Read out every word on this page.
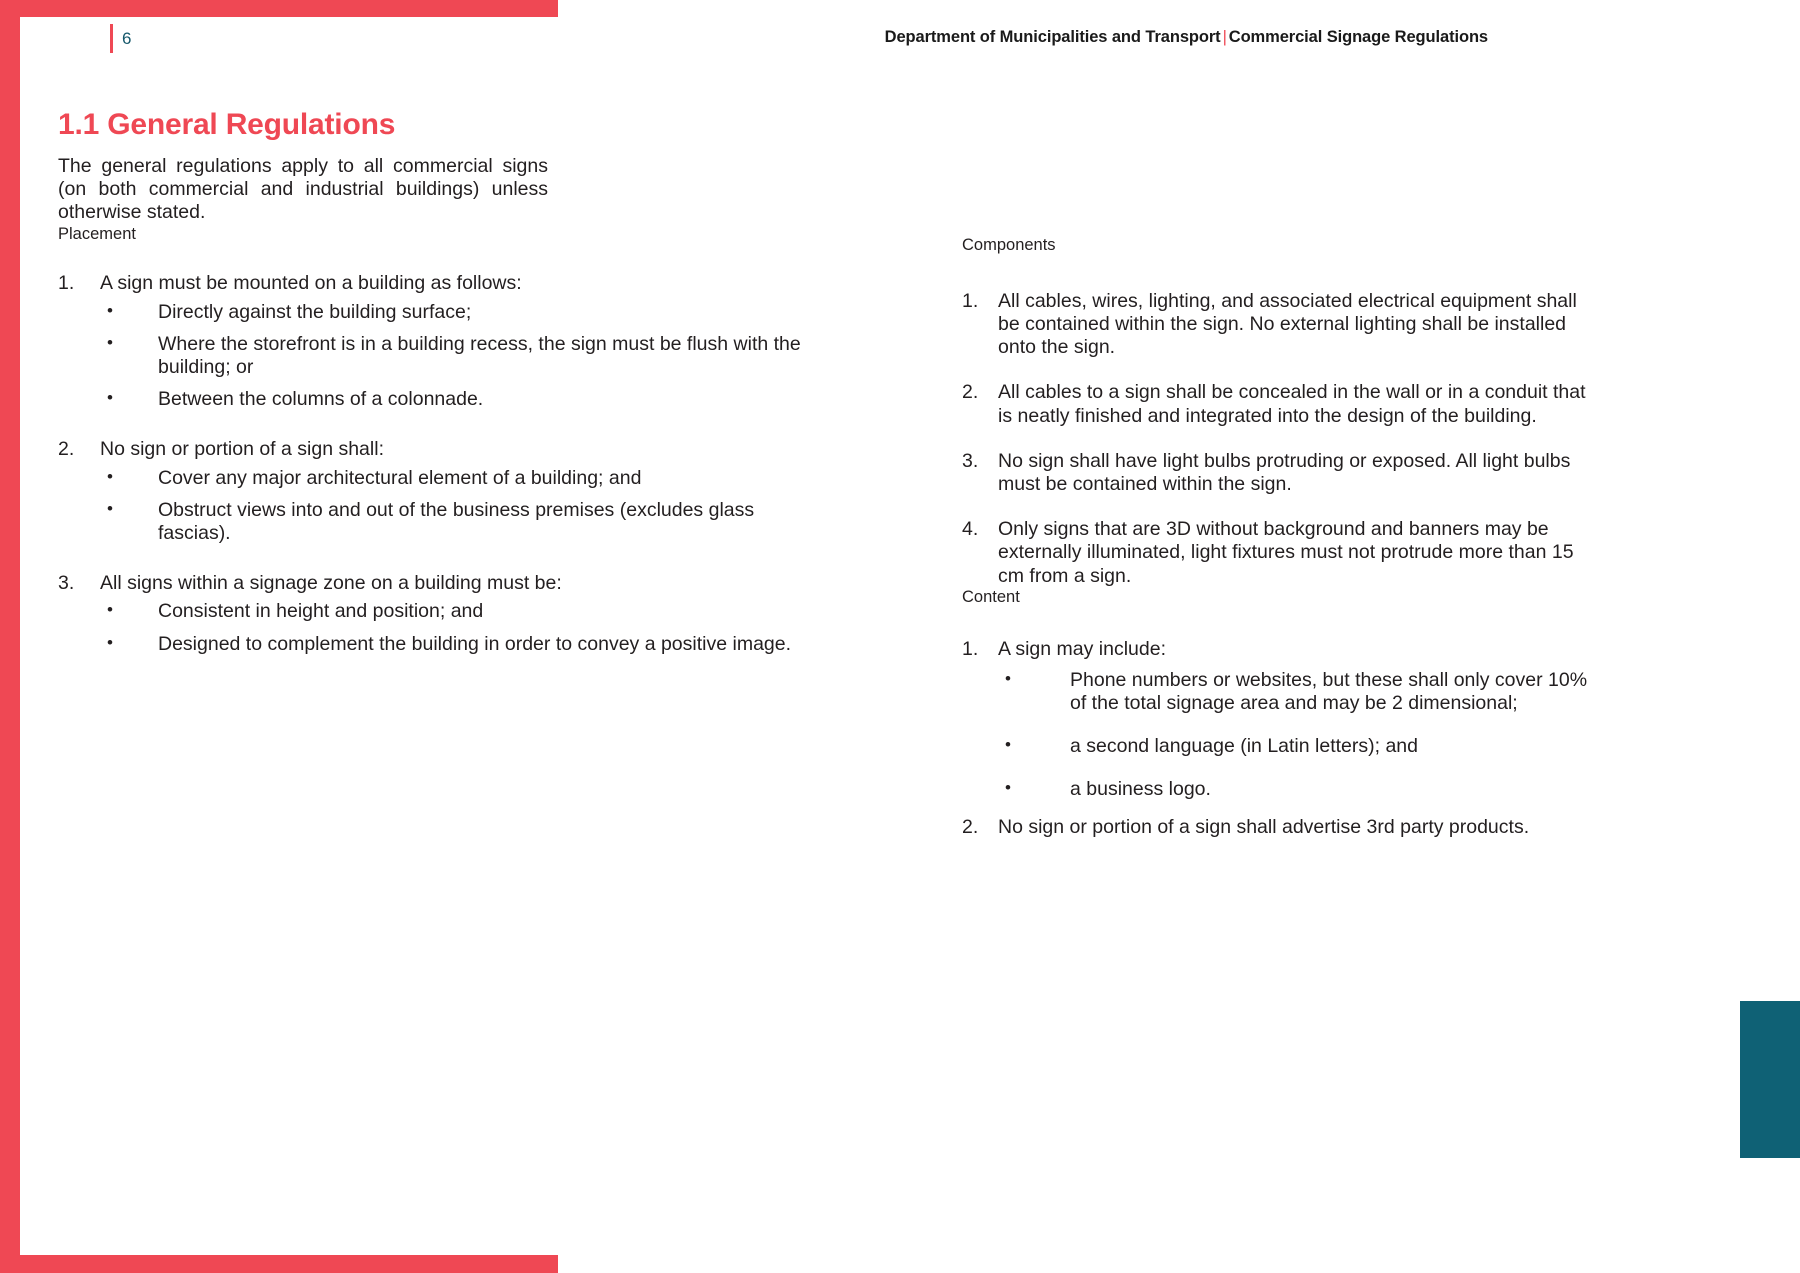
6	Department of Municipalities and Transport | Commercial Signage Regulations
1.1 General Regulations

The general regulations apply to all commercial signs (on both commercial and industrial buildings) unless otherwise stated.

Placement
1.	A sign must be mounted on a building as follows:
•	Directly against the building surface;
•	Where the storefront is in a building recess, the sign must be flush with the building; or
•	Between the columns of a colonnade.
2.	No sign or portion of a sign shall:
•	Cover any major architectural element of a building; and
•	Obstruct views into and out of the business premises (excludes glass fascias).
3.	All signs within a signage zone on a building must be:
•	Consistent in height and position; and
•	Designed to complement the building in order to convey a positive image.
Components
1.	All cables, wires, lighting, and associated electrical equipment shall be contained within the sign. No external lighting shall be installed onto the sign.
2.	All cables to a sign shall be concealed in the wall or in a conduit that is neatly finished and integrated into the design of the building.
3.	No sign shall have light bulbs protruding or exposed. All light bulbs must be contained within the sign.
4.	Only signs that are 3D without background and banners may be externally illuminated, light fixtures must not protrude more than 15 cm from a sign.
Content
1.	A sign may include:
•	Phone numbers or websites, but these shall only cover 10% of the total signage area and may be 2 dimensional;
•	a second language (in Latin letters); and
•	a business logo.
2.	No sign or portion of a sign shall advertise 3rd party products.
